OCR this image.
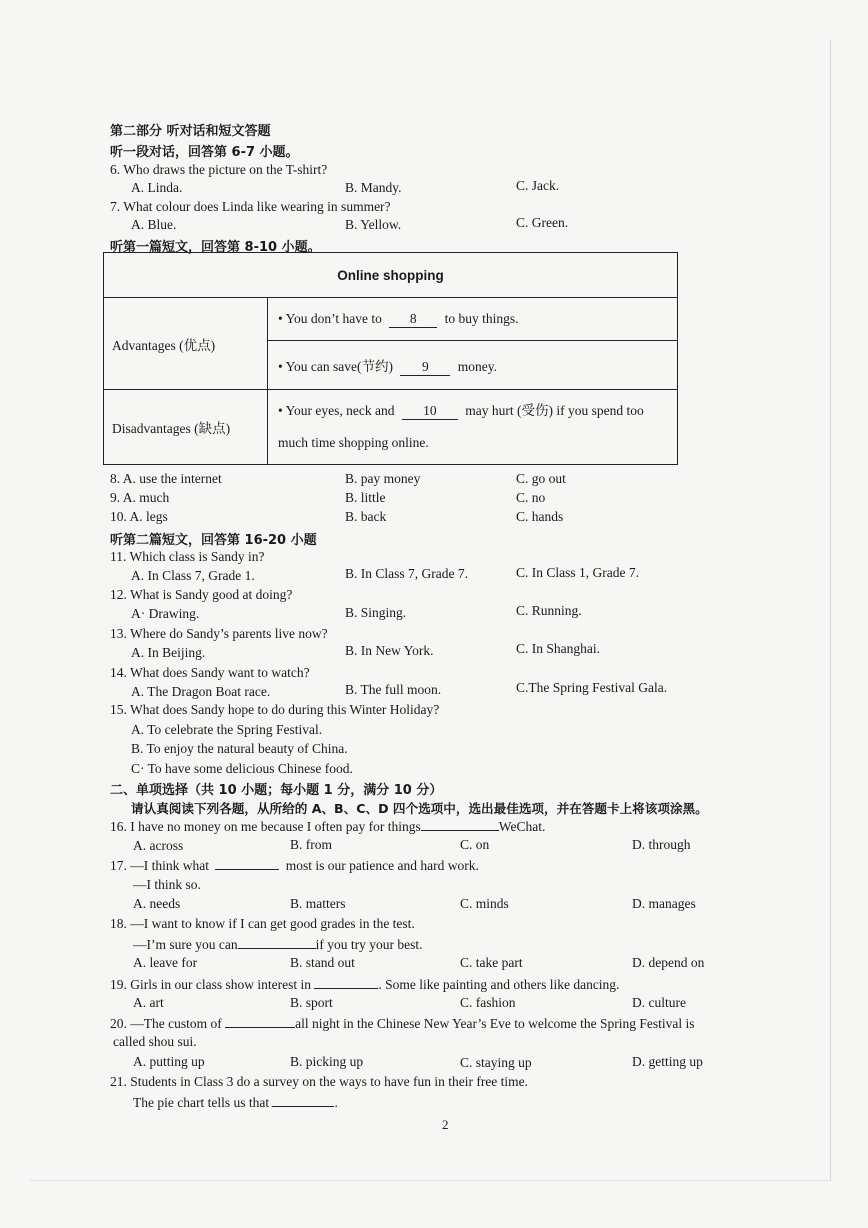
第二部分 听对话和短文答题
听一段对话，回答第 6-7 小题。
6. Who draws the picture on the T-shirt?
A. Linda.	B. Mandy.	C. Jack.
7. What colour does Linda like wearing in summer?
A. Blue.	B. Yellow.	C. Green.
听第一篇短文，回答第 8-10 小题。
Online shopping	
Advantages (优点)	• You don’t have to 8 to buy things.
	• You can save(节约) 9 money.
Disadvantages (缺点)	• Your eyes, neck and 10 may hurt (受伤) if you spend too much time shopping online.
8. A. use the internet	B. pay money	C. go out
9. A. much	B. little	C. no
10. A. legs	B. back	C. hands
听第二篇短文，回答第 16-20 小题
11. Which class is Sandy in?
A. In Class 7, Grade 1.	B. In Class 7, Grade 7.	C. In Class 1, Grade 7.
12. What is Sandy good at doing?
A· Drawing.	B. Singing.	C. Running.
13. Where do Sandy’s parents live now?
A. In Beijing.	B. In New York.	C. In Shanghai.
14. What does Sandy want to watch?
A. The Dragon Boat race.	B. The full moon.	C.The Spring Festival Gala.
15. What does Sandy hope to do during this Winter Holiday?
A. To celebrate the Spring Festival.
B. To enjoy the natural beauty of China.
C· To have some delicious Chinese food.
二、单项选择（共 10 小题；每小题 1 分，满分 10 分）
请认真阅读下列各题，从所给的 A、B、C、D 四个选项中，选出最佳选项，并在答题卡上将该项涂黑。
16. I have no money on me because I often pay for things	WeChat.
A. across	B. from	C. on	D. through
17. —I think what	most is our patience and hard work.
—I think so.
A. needs	B. matters	C. minds	D. manages
18. —I want to know if I can get good grades in the test.
—I’m sure you can	if you try your best.
A. leave for	B. stand out	C. take part	D. depend on
19. Girls in our class show interest in	. Some like painting and others like dancing.
A. art	B. sport	C. fashion	D. culture
20. —The custom of	all night in the Chinese New Year’s Eve to welcome the Spring Festival is
called shou sui.
A. putting up	B. picking up	C. staying up	D. getting up
21. Students in Class 3 do a survey on the ways to have fun in their free time.
The pie chart tells us that	.
2
